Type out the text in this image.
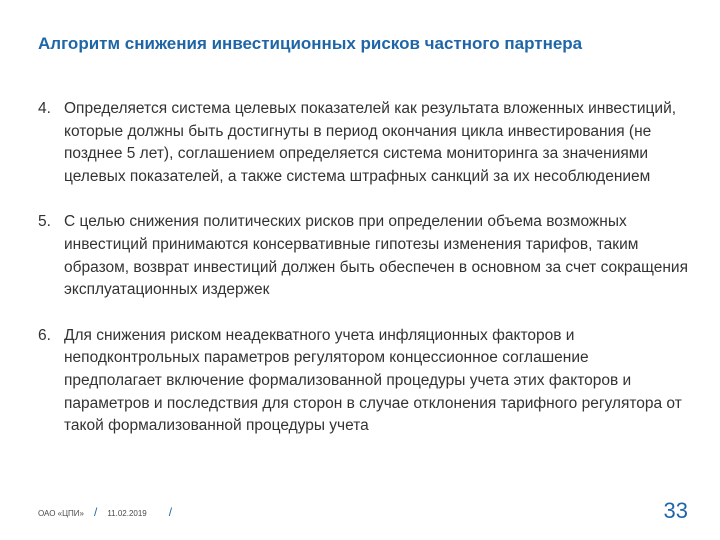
Алгоритм снижения инвестиционных рисков частного партнера
4. Определяется система целевых показателей как результата вложенных инвестиций, которые должны быть достигнуты в период окончания цикла инвестирования (не позднее 5 лет), соглашением определяется система мониторинга за значениями целевых показателей, а также система штрафных санкций за их несоблюдением
5. С целью снижения политических рисков при определении объема возможных инвестиций принимаются консервативные гипотезы изменения тарифов, таким образом, возврат инвестиций должен быть обеспечен в основном за счет сокращения эксплуатационных издержек
6. Для снижения риском неадекватного учета инфляционных факторов и неподконтрольных параметров регулятором концессионное соглашение предполагает включение формализованной процедуры учета этих факторов и параметров и последствия для сторон в случае отклонения тарифного регулятора от такой формализованной процедуры учета
ОАО «ЦПИ» / 11.02.2019 /	33
